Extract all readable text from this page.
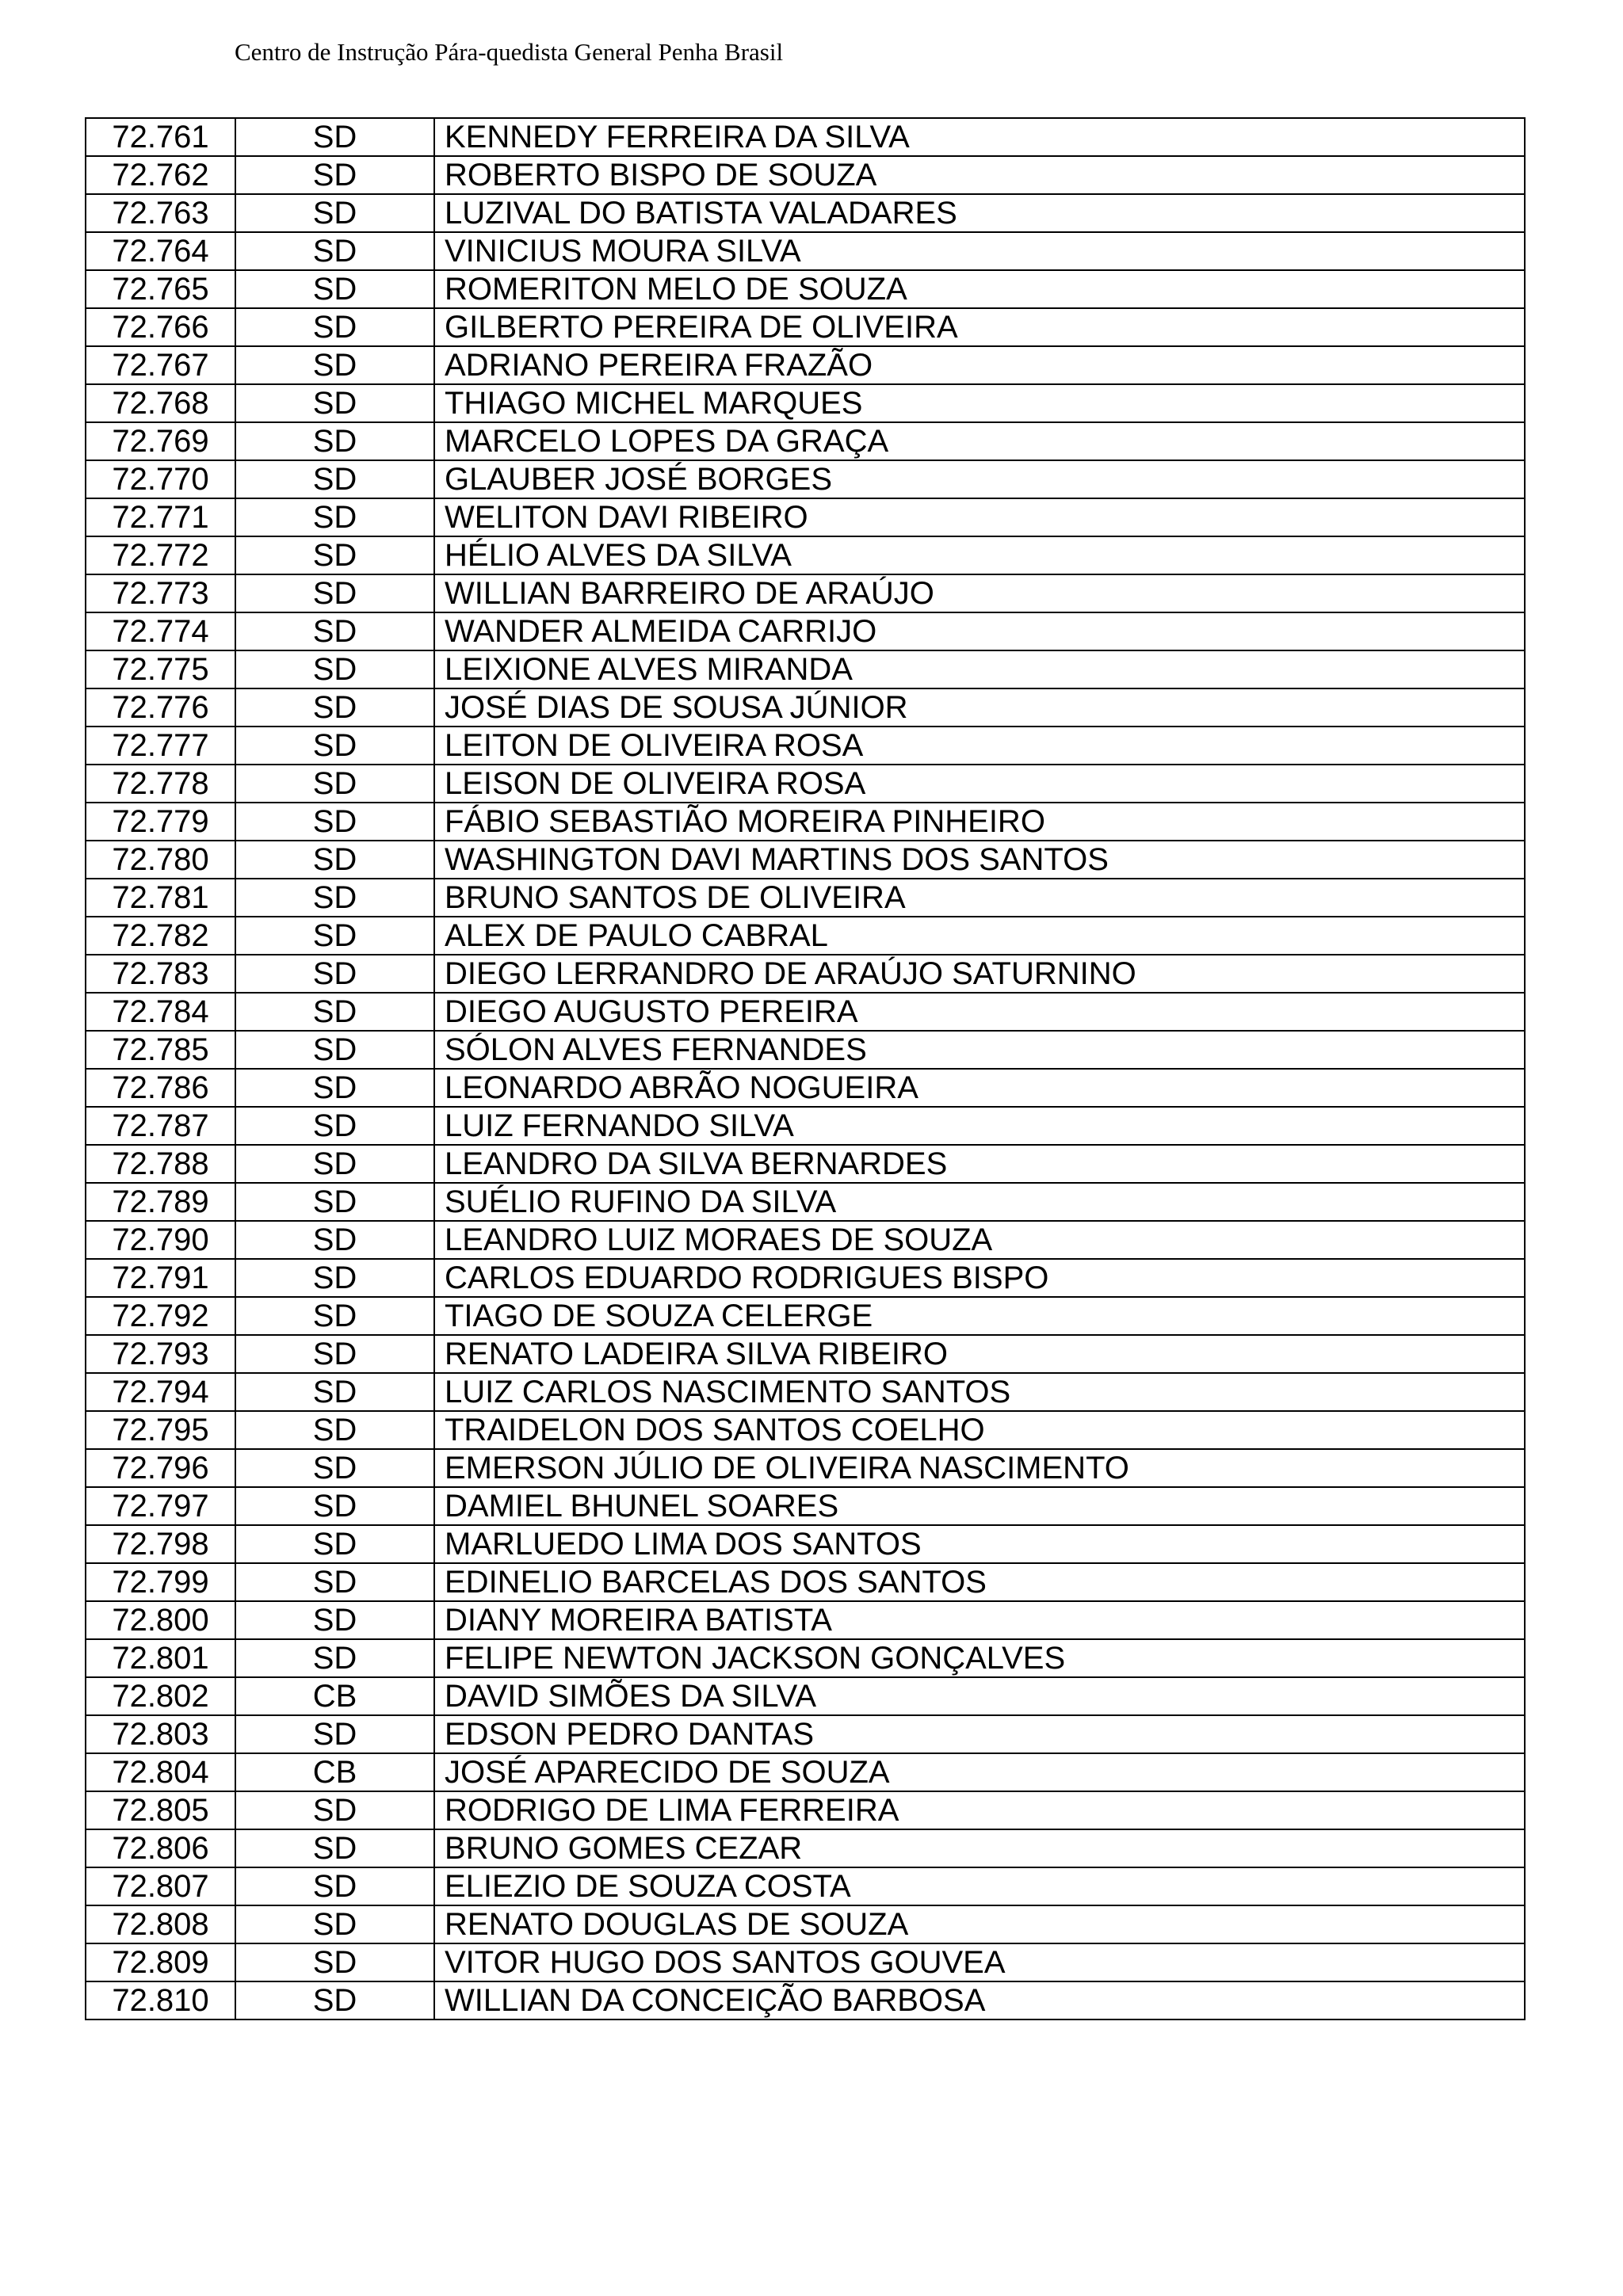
Centro de Instrução Pára-quedista General Penha Brasil
72.761	SD	KENNEDY FERREIRA DA SILVA
72.762	SD	ROBERTO BISPO DE SOUZA
72.763	SD	LUZIVAL DO BATISTA VALADARES
72.764	SD	VINICIUS MOURA SILVA
72.765	SD	ROMERITON MELO DE SOUZA
72.766	SD	GILBERTO PEREIRA DE OLIVEIRA
72.767	SD	ADRIANO PEREIRA FRAZÃO
72.768	SD	THIAGO MICHEL MARQUES
72.769	SD	MARCELO LOPES DA GRAÇA
72.770	SD	GLAUBER JOSÉ BORGES
72.771	SD	WELITON DAVI RIBEIRO
72.772	SD	HÉLIO ALVES DA SILVA
72.773	SD	WILLIAN BARREIRO DE ARAÚJO
72.774	SD	WANDER ALMEIDA CARRIJO
72.775	SD	LEIXIONE ALVES MIRANDA
72.776	SD	JOSÉ DIAS DE SOUSA JÚNIOR
72.777	SD	LEITON DE OLIVEIRA ROSA
72.778	SD	LEISON DE OLIVEIRA ROSA
72.779	SD	FÁBIO SEBASTIÃO MOREIRA PINHEIRO
72.780	SD	WASHINGTON DAVI MARTINS DOS SANTOS
72.781	SD	BRUNO SANTOS DE OLIVEIRA
72.782	SD	ALEX DE PAULO CABRAL
72.783	SD	DIEGO LERRANDRO DE ARAÚJO SATURNINO
72.784	SD	DIEGO AUGUSTO PEREIRA
72.785	SD	SÓLON ALVES FERNANDES
72.786	SD	LEONARDO ABRÃO NOGUEIRA
72.787	SD	LUIZ FERNANDO SILVA
72.788	SD	LEANDRO DA SILVA BERNARDES
72.789	SD	SUÉLIO RUFINO DA SILVA
72.790	SD	LEANDRO LUIZ MORAES DE SOUZA
72.791	SD	CARLOS EDUARDO RODRIGUES BISPO
72.792	SD	TIAGO DE SOUZA CELERGE
72.793	SD	RENATO LADEIRA SILVA RIBEIRO
72.794	SD	LUIZ CARLOS NASCIMENTO SANTOS
72.795	SD	TRAIDELON DOS SANTOS COELHO
72.796	SD	EMERSON JÚLIO DE OLIVEIRA NASCIMENTO
72.797	SD	DAMIEL BHUNEL SOARES
72.798	SD	MARLUEDO LIMA DOS SANTOS
72.799	SD	EDINELIO BARCELAS DOS SANTOS
72.800	SD	DIANY MOREIRA BATISTA
72.801	SD	FELIPE NEWTON JACKSON GONÇALVES
72.802	CB	DAVID SIMÕES DA SILVA
72.803	SD	EDSON PEDRO DANTAS
72.804	CB	JOSÉ APARECIDO DE SOUZA
72.805	SD	RODRIGO DE LIMA FERREIRA
72.806	SD	BRUNO GOMES CEZAR
72.807	SD	ELIEZIO DE SOUZA COSTA
72.808	SD	RENATO DOUGLAS DE SOUZA
72.809	SD	VITOR HUGO DOS SANTOS GOUVEA
72.810	SD	WILLIAN DA CONCEIÇÃO BARBOSA
